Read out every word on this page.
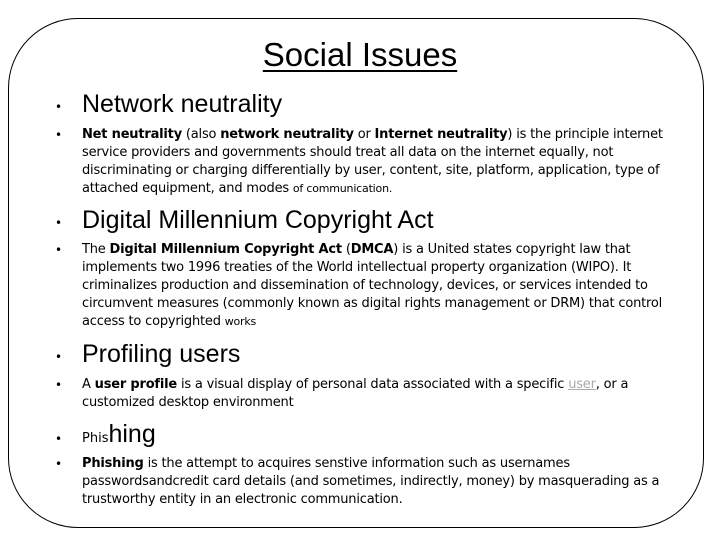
Social Issues
• Network neutrality
• Net neutrality (also network neutrality or Internet neutrality) is the principle internet service providers and governments should treat all data on the internet equally, not discriminating or charging differentially by user, content, site, platform, application, type of attached equipment, and modes of communication.
• Digital Millennium Copyright Act
• The Digital Millennium Copyright Act (DMCA) is a United states copyright law that implements two 1996 treaties of the World intellectual property organization (WIPO). It criminalizes production and dissemination of technology, devices, or services intended to circumvent measures (commonly known as digital rights management or DRM) that control access to copyrighted works
• Profiling users
• A user profile is a visual display of personal data associated with a specific user, or a customized desktop environment
• Phishing
• Phishing is the attempt to acquires senstive information such as usernames passwordsandcredit card details (and sometimes, indirectly, money) by masquerading as a trustworthy entity in an electronic communication.
